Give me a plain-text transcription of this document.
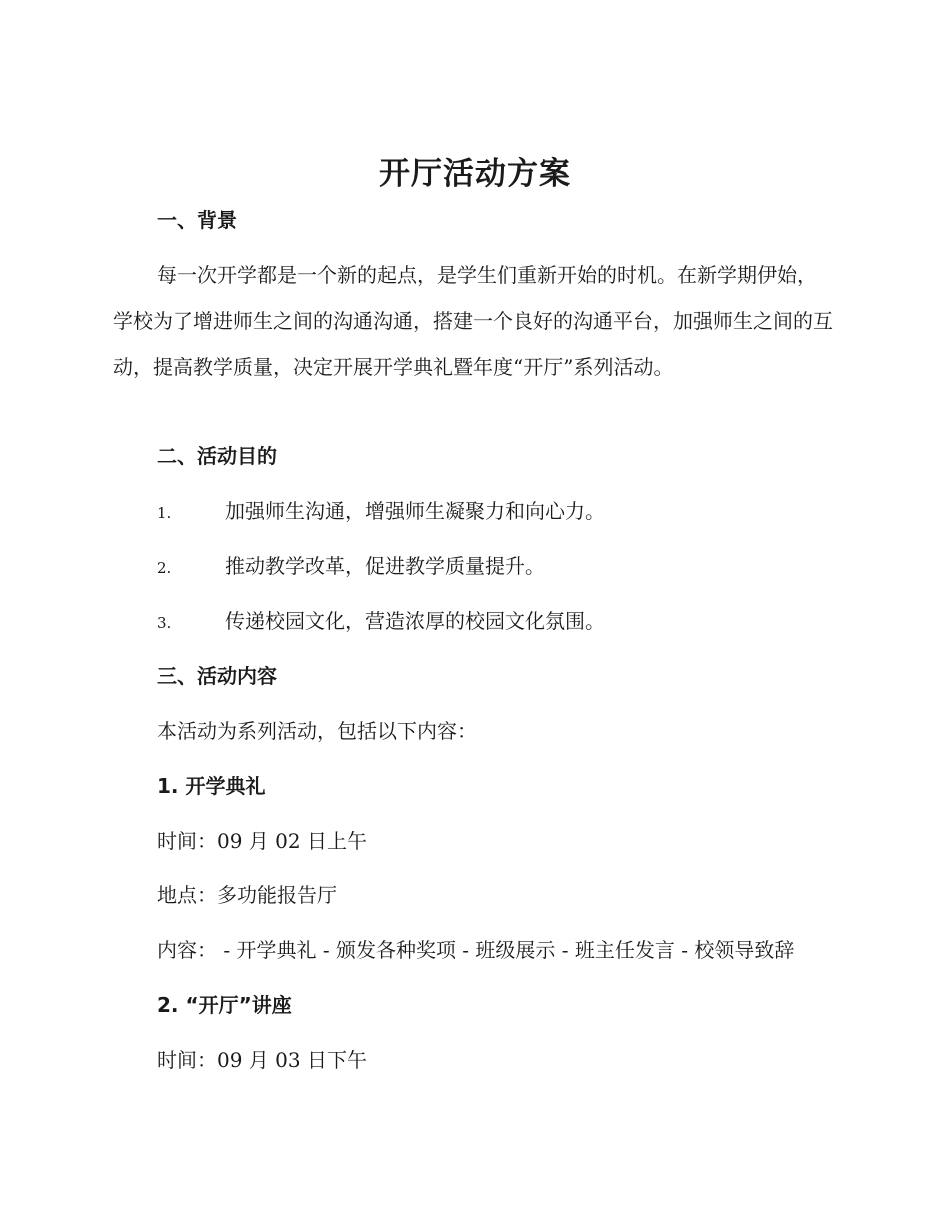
开厅活动方案
一、背景

每一次开学都是一个新的起点，是学生们重新开始的时机。在新学期伊始，学校为了增进师生之间的沟通沟通，搭建一个良好的沟通平台，加强师生之间的互动，提高教学质量，决定开展开学典礼暨年度“开厅”系列活动。

二、活动目的
1.	加强师生沟通，增强师生凝聚力和向心力。
2.	推动教学改革，促进教学质量提升。
3.	传递校园文化，营造浓厚的校园文化氛围。
三、活动内容
本活动为系列活动，包括以下内容：
1. 开学典礼
时间：09 月 02 日上午
地点：多功能报告厅
内容： - 开学典礼 - 颁发各种奖项 - 班级展示 - 班主任发言 - 校领导致辞
2. “开厅”讲座
时间：09 月 03 日下午
